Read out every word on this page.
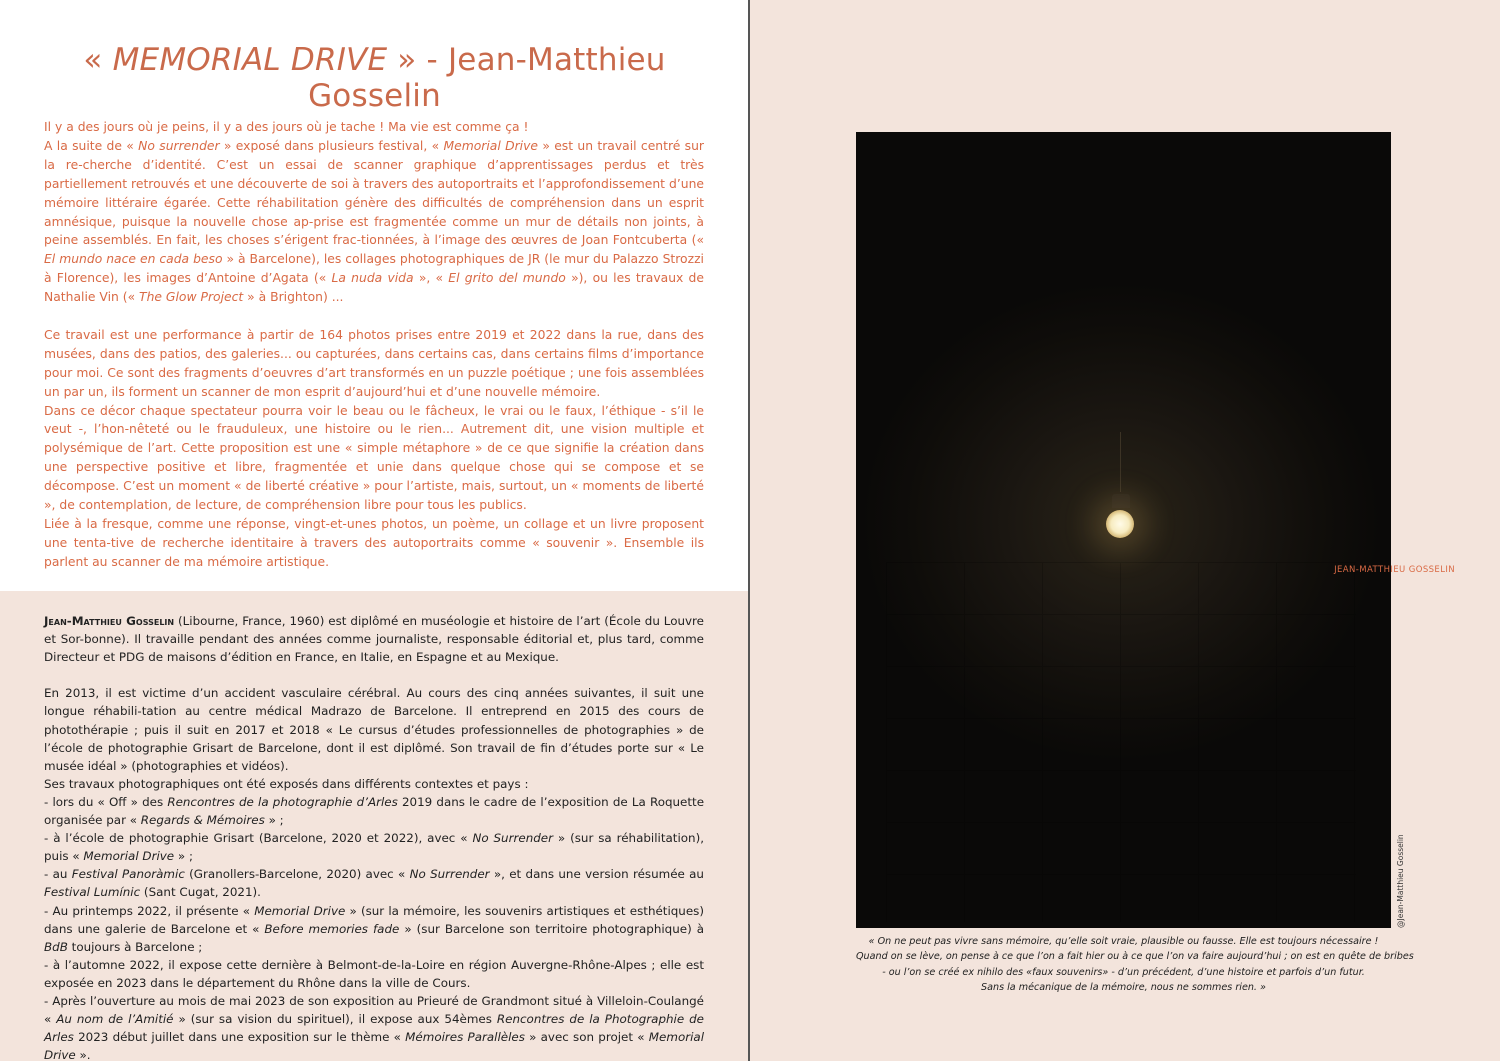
@Jean-Matthieu Gosselin
« On ne peut pas vivre sans mémoire, qu’elle soit vraie, plausible ou fausse. Elle est toujours nécessaire !
Quand on se lève, on pense à ce que l’on a fait hier ou à ce que l’on va faire aujourd’hui ; on est en quête de bribes
- ou l’on se créé ex nihilo des «faux souvenirs» - d’un précédent, d’une histoire et parfois d’un futur.
Sans la mécanique de la mémoire, nous ne sommes rien. »
« MEMORIAL DRIVE » - Jean-Matthieu Gosselin

Il y a des jours où je peins, il y a des jours où je tache ! Ma vie est comme ça !

A la suite de « No surrender » exposé dans plusieurs festival, « Memorial Drive » est un travail centré sur la re-cherche d’identité. C’est un essai de scanner graphique d’apprentissages perdus et très partiellement retrouvés et une découverte de soi à travers des autoportraits et l’approfondissement d’une mémoire littéraire égarée. Cette réhabilitation génère des difficultés de compréhension dans un esprit amnésique, puisque la nouvelle chose ap-prise est fragmentée comme un mur de détails non joints, à peine assemblés. En fait, les choses s’érigent frac-tionnées, à l’image des œuvres de Joan Fontcuberta (« El mundo nace en cada beso » à Barcelone), les collages photographiques de JR (le mur du Palazzo Strozzi à Florence), les images d’Antoine d’Agata (« La nuda vida », « El grito del mundo »), ou les travaux de Nathalie Vin (« The Glow Project » à Brighton) ...

Ce travail est une performance à partir de 164 photos prises entre 2019 et 2022 dans la rue, dans des musées, dans des patios, des galeries... ou capturées, dans certains cas, dans certains films d’importance pour moi. Ce sont des fragments d’oeuvres d’art transformés en un puzzle poétique ; une fois assemblées un par un, ils forment un scanner de mon esprit d’aujourd’hui et d’une nouvelle mémoire.

Dans ce décor chaque spectateur pourra voir le beau ou le fâcheux, le vrai ou le faux, l’éthique - s’il le veut -, l’hon-nêteté ou le frauduleux, une histoire ou le rien... Autrement dit, une vision multiple et polysémique de l’art. Cette proposition est une « simple métaphore » de ce que signifie la création dans une perspective positive et libre, fragmentée et unie dans quelque chose qui se compose et se décompose. C’est un moment « de liberté créative » pour l’artiste, mais, surtout, un « moments de liberté », de contemplation, de lecture, de compréhension libre pour tous les publics.

Liée à la fresque, comme une réponse, vingt-et-unes photos, un poème, un collage et un livre proposent une tenta-tive de recherche identitaire à travers des autoportraits comme « souvenir ». Ensemble ils parlent au scanner de ma mémoire artistique.

JEAN-MATTHIEU GOSSELIN

Jean-Matthieu Gosselin (Libourne, France, 1960) est diplômé en muséologie et histoire de l’art (École du Louvre et Sor-bonne). Il travaille pendant des années comme journaliste, responsable éditorial et, plus tard, comme Directeur et PDG de maisons d’édition en France, en Italie, en Espagne et au Mexique.

En 2013, il est victime d’un accident vasculaire cérébral. Au cours des cinq années suivantes, il suit une longue réhabili-tation au centre médical Madrazo de Barcelone. Il entreprend en 2015 des cours de photothérapie ; puis il suit en 2017 et 2018 « Le cursus d’études professionnelles de photographies » de l’école de photographie Grisart de Barcelone, dont il est diplômé. Son travail de fin d’études porte sur « Le musée idéal » (photographies et vidéos).

Ses travaux photographiques ont été exposés dans différents contextes et pays :

- lors du « Off » des Rencontres de la photographie d’Arles 2019 dans le cadre de l’exposition de La Roquette organisée par « Regards & Mémoires » ;

- à l’école de photographie Grisart (Barcelone, 2020 et 2022), avec « No Surrender » (sur sa réhabilitation), puis « Memorial Drive » ;

- au Festival Panoràmic (Granollers-Barcelone, 2020) avec « No Surrender », et dans une version résumée au Festival Lumínic (Sant Cugat, 2021).

- Au printemps 2022, il présente « Memorial Drive » (sur la mémoire, les souvenirs artistiques et esthétiques) dans une galerie de Barcelone et « Before memories fade » (sur Barcelone son territoire photographique) à BdB toujours à Barcelone ;

- à l’automne 2022, il expose cette dernière à Belmont-de-la-Loire en région Auvergne-Rhône-Alpes ; elle est exposée en 2023 dans le département du Rhône dans la ville de Cours.

- Après l’ouverture au mois de mai 2023 de son exposition au Prieuré de Grandmont situé à Villeloin-Coulangé « Au nom de l’Amitié » (sur sa vision du spirituel), il expose aux 54èmes Rencontres de la Photographie de Arles 2023 début juillet dans une exposition sur le thème « Mémoires Parallèles » avec son projet « Memorial Drive ».
